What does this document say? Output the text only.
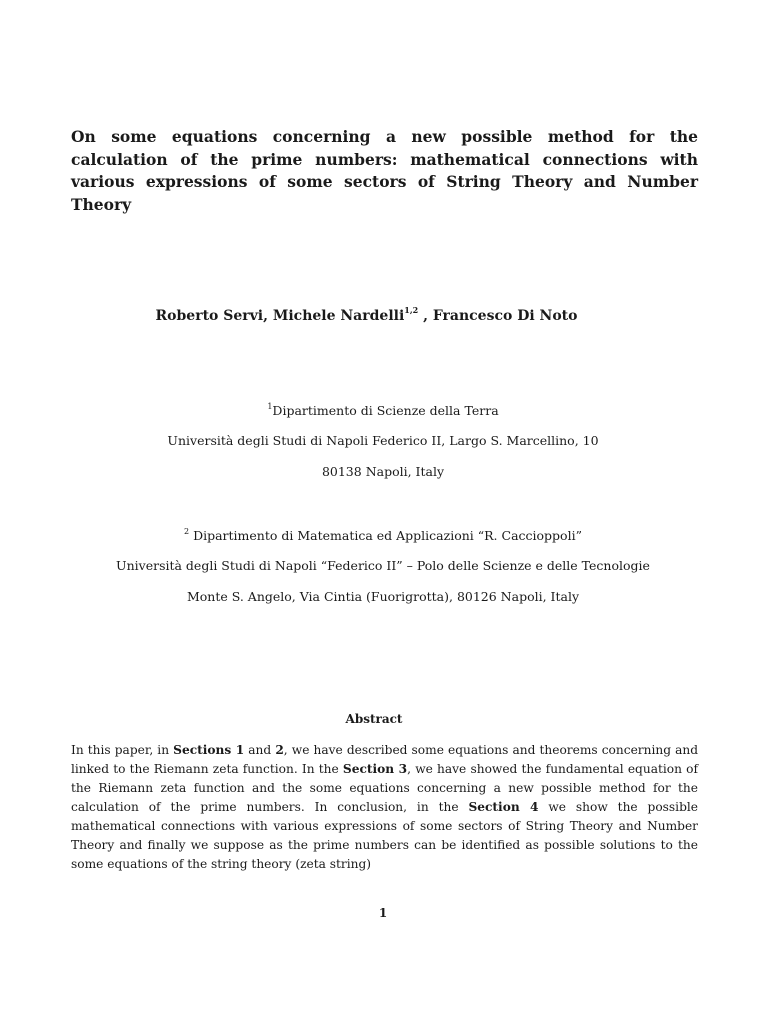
On some equations concerning a new possible method for the calculation of the prime numbers: mathematical connections with various expressions of some sectors of String Theory and Number Theory

Roberto Servi, Michele Nardelli$^{1,2}$ , Francesco Di Noto

$^1$Dipartimento di Scienze della Terra

Università degli Studi di Napoli Federico II, Largo S. Marcellino, 10

80138 Napoli, Italy

$^2$ Dipartimento di Matematica ed Applicazioni “R. Caccioppoli”

Università degli Studi di Napoli “Federico II” – Polo delle Scienze e delle Tecnologie

Monte S. Angelo, Via Cintia (Fuorigrotta), 80126 Napoli, Italy

Abstract

In this paper, in Sections 1 and 2, we have described some equations and theorems concerning and linked to the Riemann zeta function. In the Section 3, we have showed the fundamental equation of the Riemann zeta function and the some equations concerning a new possible method for the calculation of the prime numbers. In conclusion, in the Section 4 we show the possible mathematical connections with various expressions of some sectors of String Theory and Number Theory and finally we suppose as the prime numbers can be identified as possible solutions to the some equations of the string theory (zeta string)

1
